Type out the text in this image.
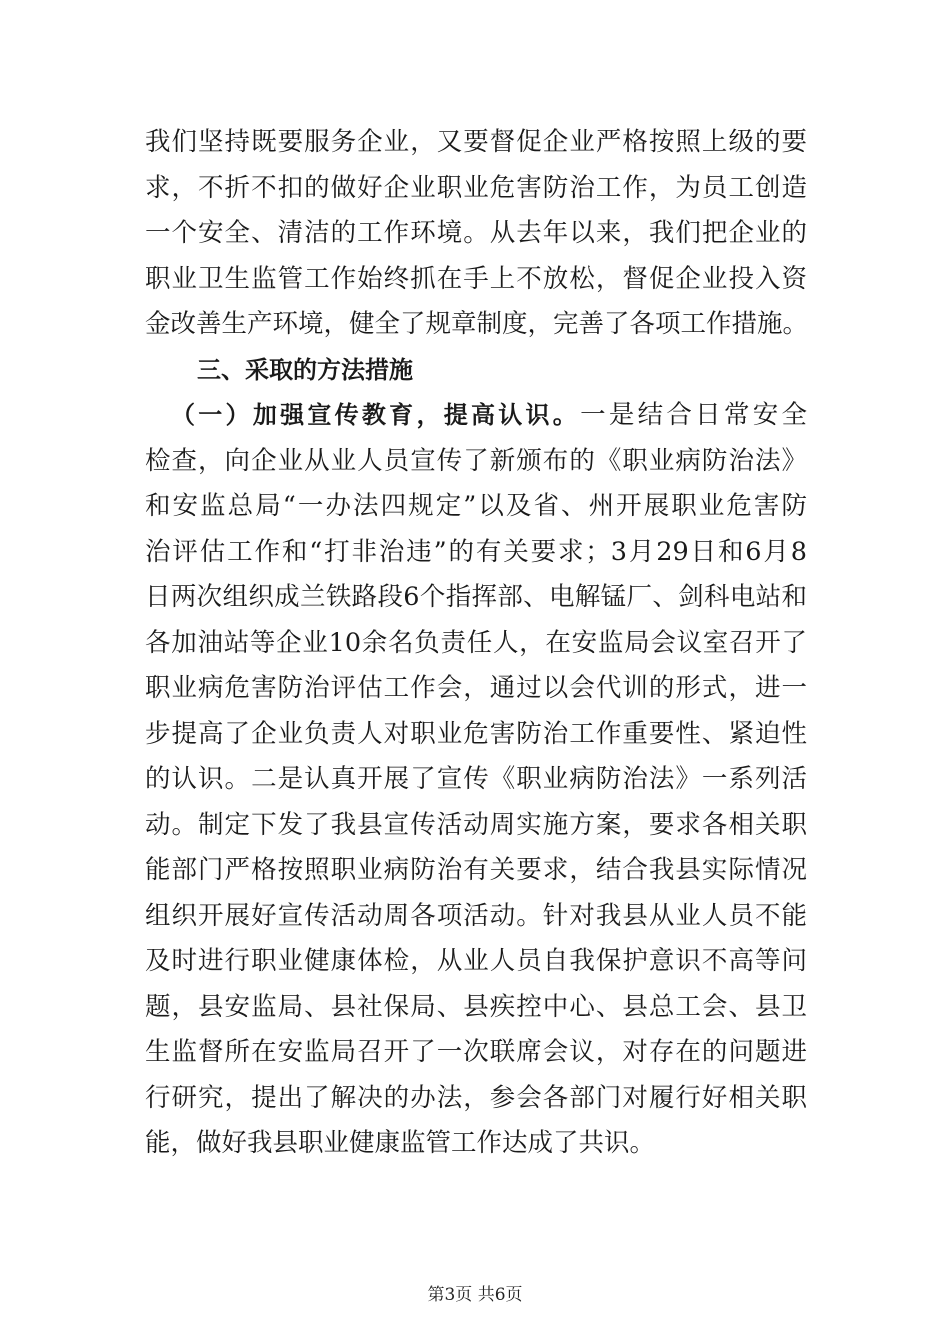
我们坚持既要服务企业，又要督促企业严格按照上级的要
求，不折不扣的做好企业职业危害防治工作，为员工创造
一个安全、清洁的工作环境。从去年以来，我们把企业的
职业卫生监管工作始终抓在手上不放松，督促企业投入资
金改善生产环境，健全了规章制度，完善了各项工作措施。
三、采取的方法措施
（一）加强宣传教育，提高认识。一是结合日常安全
检查，向企业从业人员宣传了新颁布的《职业病防治法》
和安监总局“一办法四规定”以及省、州开展职业危害防
治评估工作和“打非治违”的有关要求；3月29日和6月8
日两次组织成兰铁路段6个指挥部、电解锰厂、剑科电站和
各加油站等企业10余名负责任人，在安监局会议室召开了
职业病危害防治评估工作会，通过以会代训的形式，进一
步提高了企业负责人对职业危害防治工作重要性、紧迫性
的认识。二是认真开展了宣传《职业病防治法》一系列活
动。制定下发了我县宣传活动周实施方案，要求各相关职
能部门严格按照职业病防治有关要求，结合我县实际情况
组织开展好宣传活动周各项活动。针对我县从业人员不能
及时进行职业健康体检，从业人员自我保护意识不高等问
题，县安监局、县社保局、县疾控中心、县总工会、县卫
生监督所在安监局召开了一次联席会议，对存在的问题进
行研究，提出了解决的办法，参会各部门对履行好相关职
能，做好我县职业健康监管工作达成了共识。
第3页 共6页
